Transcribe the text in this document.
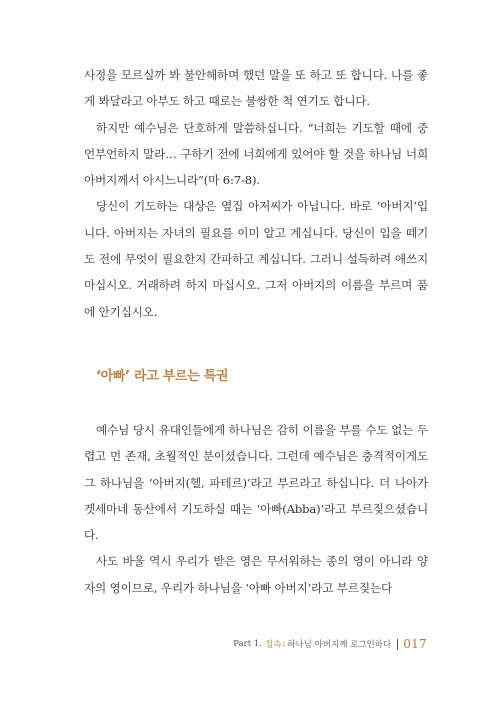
사정을 모르실까 봐 불안해하며 했던 말을 또 하고 또 합니다. 나를 좋게 봐달라고 아부도 하고 때로는 불쌍한 척 연기도 합니다.

하지만 예수님은 단호하게 말씀하십니다. “너희는 기도할 때에 중언부언하지 말라… 구하기 전에 너희에게 있어야 할 것을 하나님 너희 아버지께서 아시느니라”(마 6:7-8).

당신이 기도하는 대상은 옆집 아저씨가 아닙니다. 바로 ‘아버지’입니다. 아버지는 자녀의 필요를 이미 알고 계십니다. 당신이 입을 떼기도 전에 무엇이 필요한지 간파하고 계십니다. 그러니 설득하려 애쓰지 마십시오. 거래하려 하지 마십시오. 그저 아버지의 이름을 부르며 품에 안기십시오.

‘아빠’ 라고 부르는 특권

예수님 당시 유대인들에게 하나님은 감히 이름을 부를 수도 없는 두렵고 먼 존재, 초월적인 분이셨습니다. 그런데 예수님은 충격적이게도 그 하나님을 ‘아버지(헬, 파테르)’라고 부르라고 하십니다. 더 나아가 겟세마네 동산에서 기도하실 때는 ‘아빠(Abba)’라고 부르짖으셨습니다.

사도 바울 역시 우리가 받은 영은 무서워하는 종의 영이 아니라 양자의 영이므로, 우리가 하나님을 ‘아빠 아버지’라고 부르짖는다

Part 1. 침속 : 하나님 아버지께 로그인하다 017
